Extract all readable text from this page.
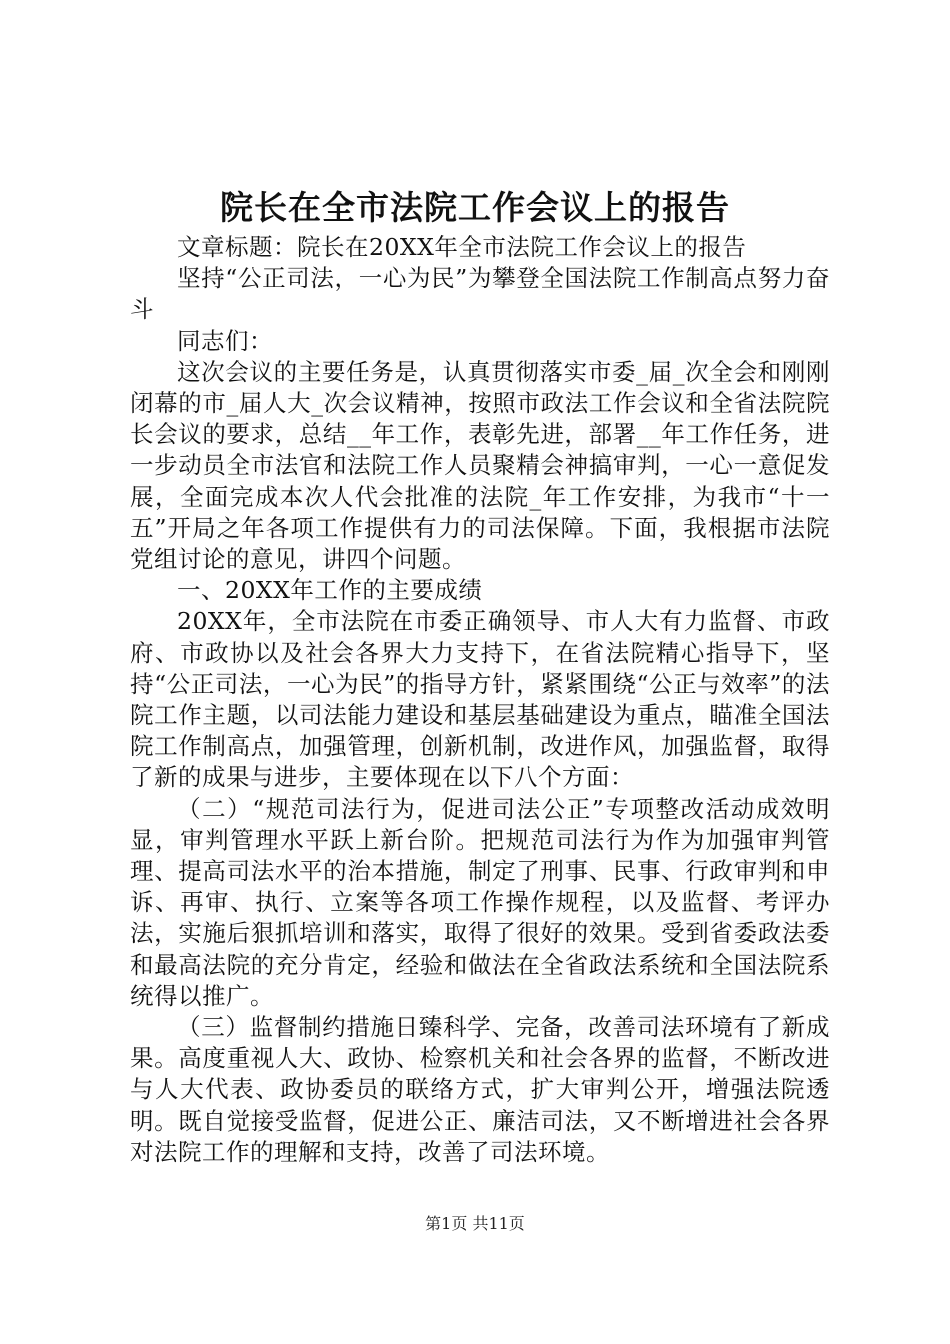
院长在全市法院工作会议上的报告

文章标题：院长在20XX年全市法院工作会议上的报告

坚持“公正司法，一心为民”为攀登全国法院工作制高点努力奋斗

同志们：

这次会议的主要任务是，认真贯彻落实市委_届_次全会和刚刚闭幕的市_届人大_次会议精神，按照市政法工作会议和全省法院院长会议的要求，总结__年工作，表彰先进，部署__年工作任务，进一步动员全市法官和法院工作人员聚精会神搞审判，一心一意促发展，全面完成本次人代会批准的法院_年工作安排，为我市“十一五”开局之年各项工作提供有力的司法保障。下面，我根据市法院党组讨论的意见，讲四个问题。

一、20XX年工作的主要成绩

20XX年，全市法院在市委正确领导、市人大有力监督、市政府、市政协以及社会各界大力支持下，在省法院精心指导下，坚持“公正司法，一心为民”的指导方针，紧紧围绕“公正与效率”的法院工作主题，以司法能力建设和基层基础建设为重点，瞄准全国法院工作制高点，加强管理，创新机制，改进作风，加强监督，取得了新的成果与进步，主要体现在以下八个方面：

（二）“规范司法行为，促进司法公正”专项整改活动成效明显，审判管理水平跃上新台阶。把规范司法行为作为加强审判管理、提高司法水平的治本措施，制定了刑事、民事、行政审判和申诉、再审、执行、立案等各项工作操作规程，以及监督、考评办法，实施后狠抓培训和落实，取得了很好的效果。受到省委政法委和最高法院的充分肯定，经验和做法在全省政法系统和全国法院系统得以推广。

（三）监督制约措施日臻科学、完备，改善司法环境有了新成果。高度重视人大、政协、检察机关和社会各界的监督，不断改进与人大代表、政协委员的联络方式，扩大审判公开，增强法院透明。既自觉接受监督，促进公正、廉洁司法，又不断增进社会各界对法院工作的理解和支持，改善了司法环境。

第1页 共11页
